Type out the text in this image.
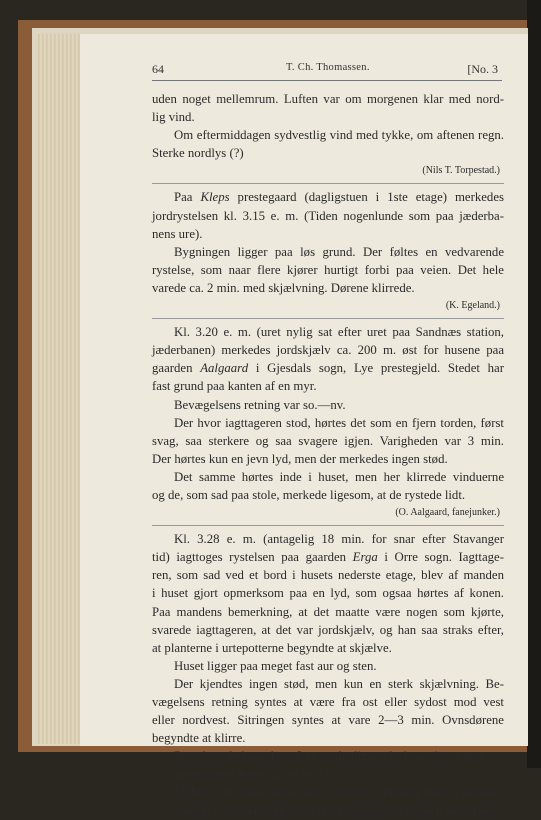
64	T. Ch. Thomassen.	[No. 3
uden noget mellemrum. Luften var om morgenen klar med nord-
lig vind.
Om eftermiddagen sydvestlig vind med tykke, om aftenen regn.
Sterke nordlys (?)
(Nils T. Torpestad.)
Paa Kleps prestegaard (dagligstuen i 1ste etage) merkedes
jordrystelsen kl. 3.15 e. m. (Tiden nogenlunde som paa jæderba-
nens ure).
Bygningen ligger paa løs grund. Der føltes en vedvarende
rystelse, som naar flere kjører hurtigt forbi paa veien. Det hele
varede ca. 2 min. med skjælvning. Dørene klirrede.
(K. Egeland.)
Kl. 3.20 e. m. (uret nylig sat efter uret paa Sandnæs station,
jæderbanen) merkedes jordskjælv ca. 200 m. øst for husene paa
gaarden Aalgaard i Gjesdals sogn, Lye prestegjeld. Stedet har
fast grund paa kanten af en myr.
Bevægelsens retning var so.—nv.
Der hvor iagttageren stod, hørtes det som en fjern torden, først
svag, saa sterkere og saa svagere igjen. Varigheden var 3 min.
Der hørtes kun en jevn lyd, men der merkedes ingen stød.
Det samme hørtes inde i huset, men her klirrede vinduerne
og de, som sad paa stole, merkede ligesom, at de rystede lidt.
(O. Aalgaard, fanejunker.)
Kl. 3.28 e. m. (antagelig 18 min. for snar efter Stavanger
tid) iagttoges rystelsen paa gaarden Erga i Orre sogn. Iagttage-
ren, som sad ved et bord i husets nederste etage, blev af manden
i huset gjort opmerksom paa en lyd, som ogsaa hørtes af konen.
Paa mandens bemerkning, at det maatte være nogen som kjørte,
svarede iagttageren, at det var jordskjælv, og han saa straks efter,
at planterne i urtepotterne begyndte at skjælve.
Huset ligger paa meget fast aur og sten.
Der kjendtes ingen stød, men kun en sterk skjælvning. Be-
vægelsens retning syntes at være fra ost eller sydost mod vest
eller nordvest. Sitringen syntes at vare 2—3 min. Ovnsdørene
begyndte at klirre.
Rystelsen ledsagedes af et tordenlignende brag (som naar en
flok heste traver frem paa en vei).
Lyden kom „helst noget før og fulgte samtidig med rystelsen".
„Nogle personer, som var ude og seilede paa vandet, bemerkede,
